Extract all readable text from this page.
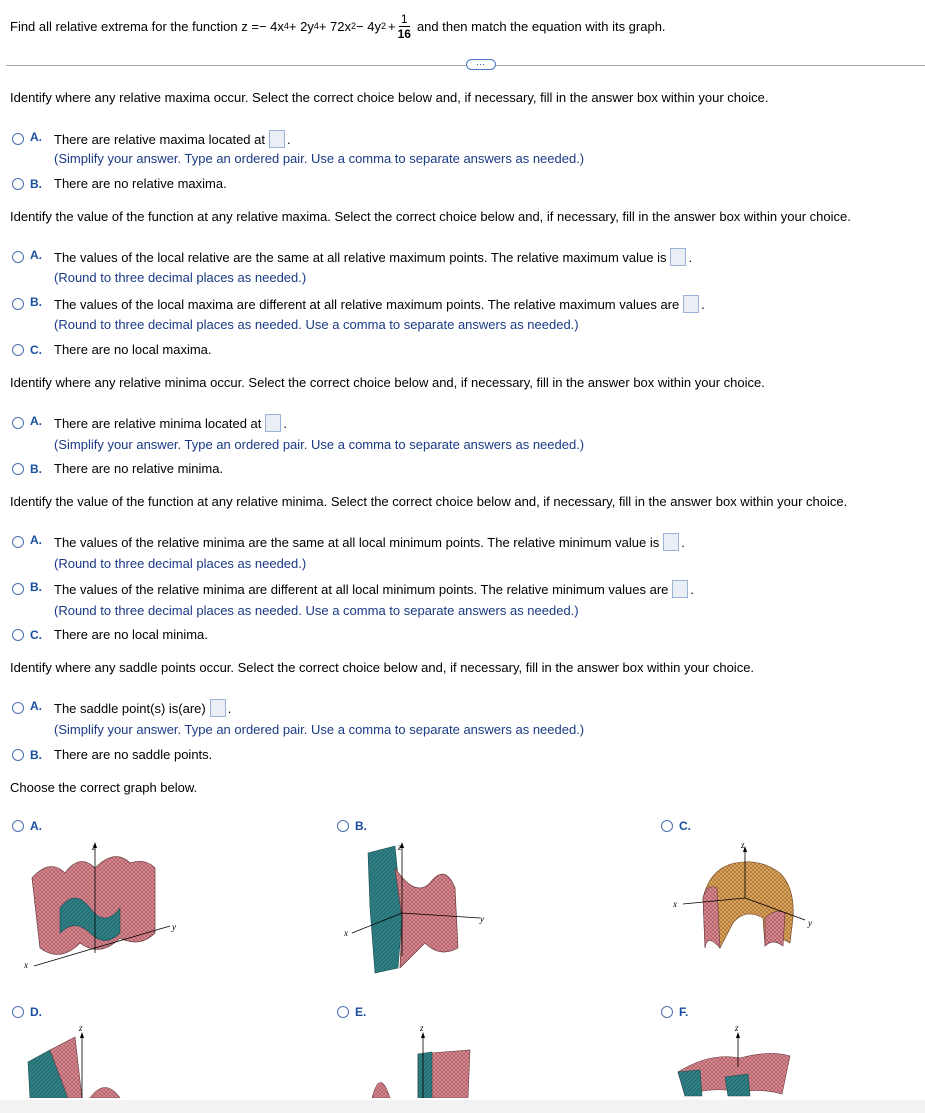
Find all relative extrema for the function z = − 4x 4 + 2y 4 + 72x 2 − 4y $2 + \frac{1}{16}$ and then match the equation with its graph.
⋯
Identify where any relative maxima occur. Select the correct choice below and, if necessary, fill in the answer box within your choice.
A. There are relative maxima located at .
(Simplify your answer. Type an ordered pair. Use a comma to separate answers as needed.)
B. There are no relative maxima.
Identify the value of the function at any relative maxima. Select the correct choice below and, if necessary, fill in the answer box within your choice.
A. The values of the local relative are the same at all relative maximum points. The relative maximum value is .
(Round to three decimal places as needed.)
B. The values of the local maxima are different at all relative maximum points. The relative maximum values are .
(Round to three decimal places as needed. Use a comma to separate answers as needed.)
C. There are no local maxima.
Identify where any relative minima occur. Select the correct choice below and, if necessary, fill in the answer box within your choice.
A. There are relative minima located at .
(Simplify your answer. Type an ordered pair. Use a comma to separate answers as needed.)
B. There are no relative minima.
Identify the value of the function at any relative minima. Select the correct choice below and, if necessary, fill in the answer box within your choice.
A. The values of the relative minima are the same at all local minimum points. The relative minimum value is .
(Round to three decimal places as needed.)
B. The values of the relative minima are different at all local minimum points. The relative minimum values are .
(Round to three decimal places as needed. Use a comma to separate answers as needed.)
C. There are no local minima.
Identify where any saddle points occur. Select the correct choice below and, if necessary, fill in the answer box within your choice.
A. The saddle point(s) is(are) .
(Simplify your answer. Type an ordered pair. Use a comma to separate answers as needed.)
B. There are no saddle points.
Choose the correct graph below.
A.	B.	C.
D.	E.	F.
z
y
x
z
y
x
z
y
x
z	z	z
